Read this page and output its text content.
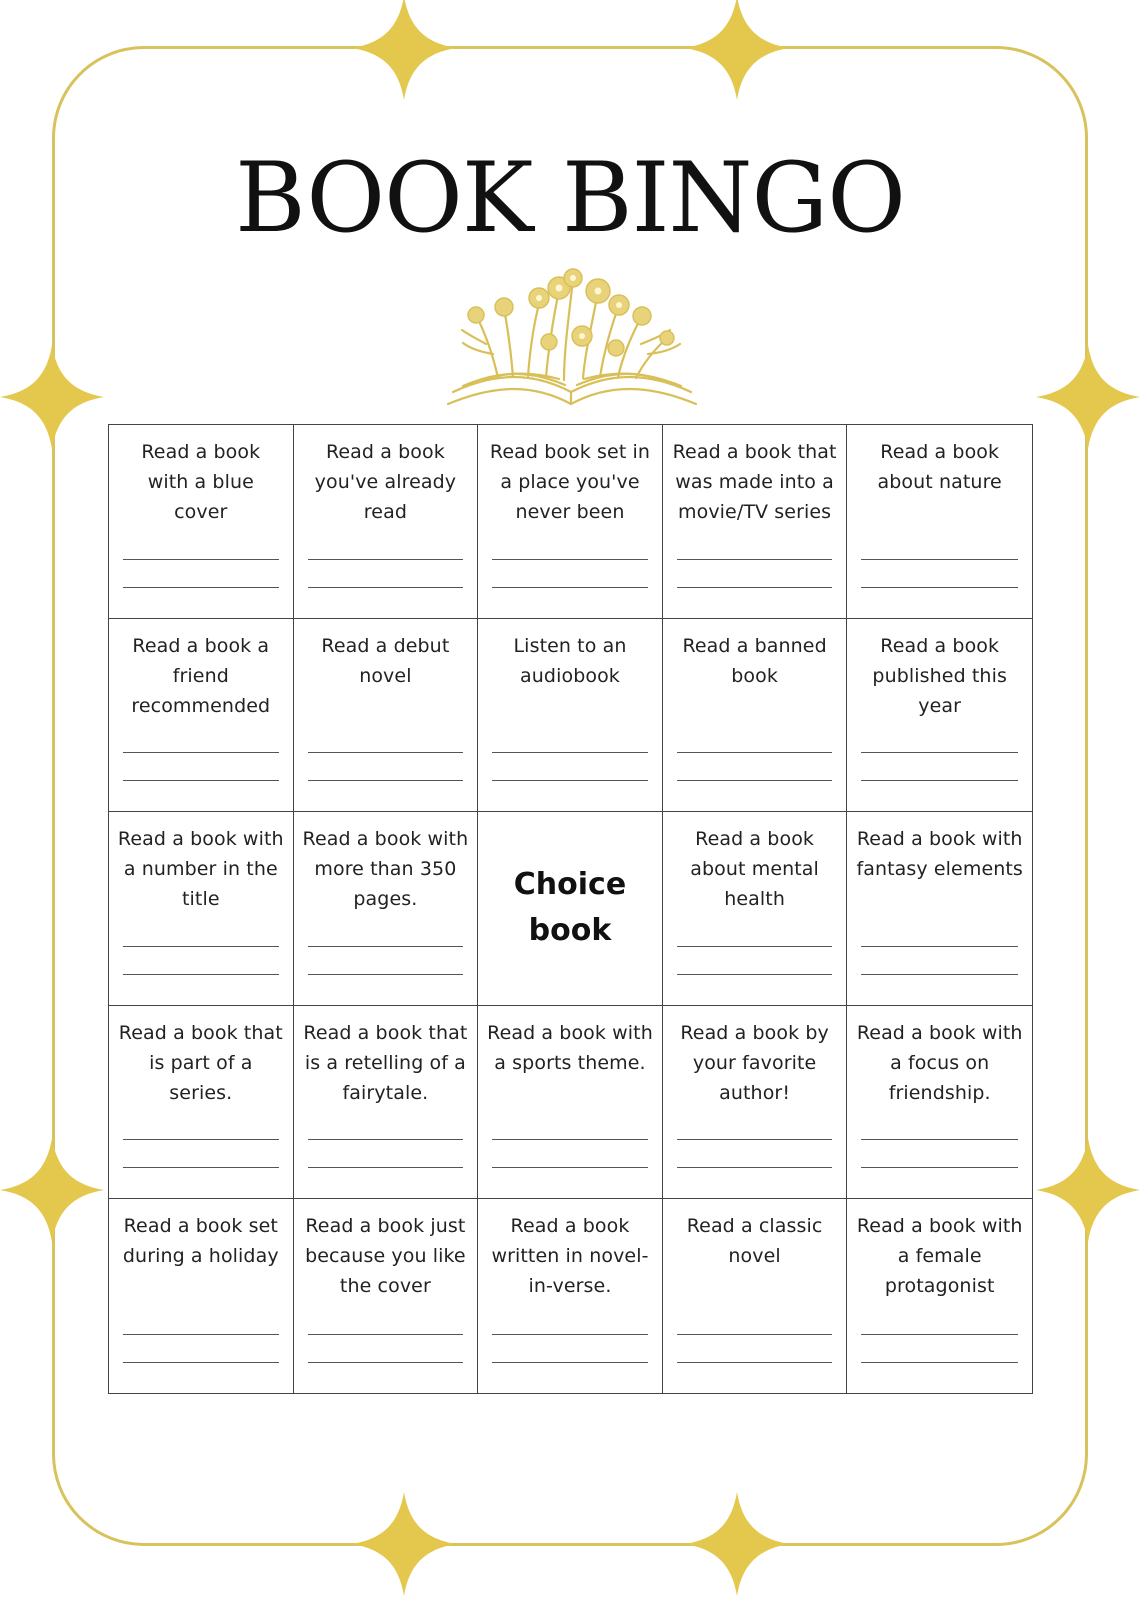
BOOK BINGO
Read a book
with a blue
cover
Read a book
you've already
read
Read book set in
a place you've
never been
Read a book that
was made into a
movie/TV series
Read a book
about nature
Read a book a
friend
recommended
Read a debut
novel
Listen to an
audiobook
Read a banned
book
Read a book
published this
year
Read a book with
a number in the
title
Read a book with
more than 350
pages.	Choice
book
Read a book
about mental
health
Read a book with
fantasy elements
Read a book that
is part of a
series.
Read a book that
is a retelling of a
fairytale.
Read a book with
a sports theme.
Read a book by
your favorite
author!
Read a book with
a focus on
friendship.
Read a book set
during a holiday
Read a book just
because you like
the cover
Read a book
written in novel-
in-verse.
Read a classic
novel
Read a book with
a female
protagonist
